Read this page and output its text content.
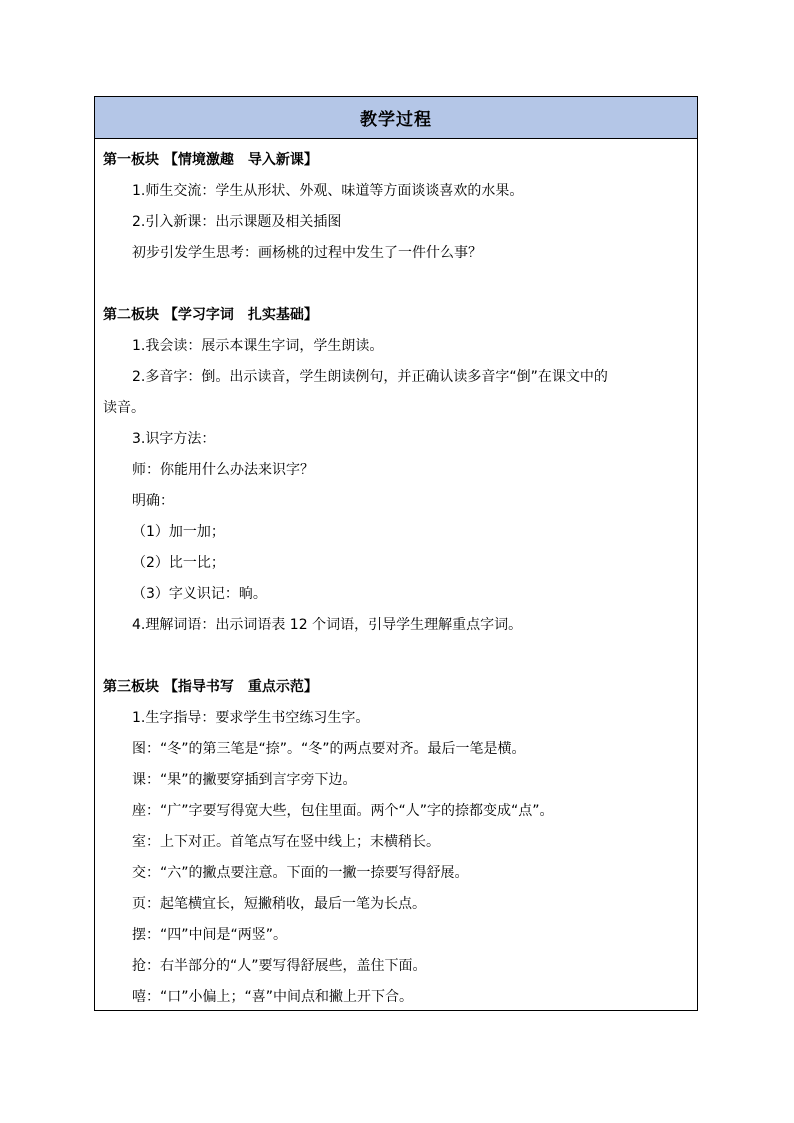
教学过程
第一板块 【情境激趣　导入新课】
1.师生交流：学生从形状、外观、味道等方面谈谈喜欢的水果。
2.引入新课：出示课题及相关插图
初步引发学生思考：画杨桃的过程中发生了一件什么事？
第二板块 【学习字词　扎实基础】
1.我会读：展示本课生字词，学生朗读。
2.多音字：倒。出示读音，学生朗读例句，并正确认读多音字“倒”在课文中的
读音。
3.识字方法：
师：你能用什么办法来识字？
明确：
（1）加一加；
（2）比一比；
（3）字义识记：晌。
4.理解词语：出示词语表 12 个词语，引导学生理解重点字词。
第三板块 【指导书写　重点示范】
1.生字指导：要求学生书空练习生字。
图：“冬”的第三笔是“捺”。“冬”的两点要对齐。最后一笔是横。
课：“果”的撇要穿插到言字旁下边。
座：“广”字要写得宽大些，包住里面。两个“人”字的捺都变成“点”。
室：上下对正。首笔点写在竖中线上；末横稍长。
交：“六”的撇点要注意。下面的一撇一捺要写得舒展。
页：起笔横宜长，短撇稍收，最后一笔为长点。
摆：“四”中间是“两竖”。
抢：右半部分的“人”要写得舒展些，盖住下面。
嘻：“口”小偏上；“喜”中间点和撇上开下合。
